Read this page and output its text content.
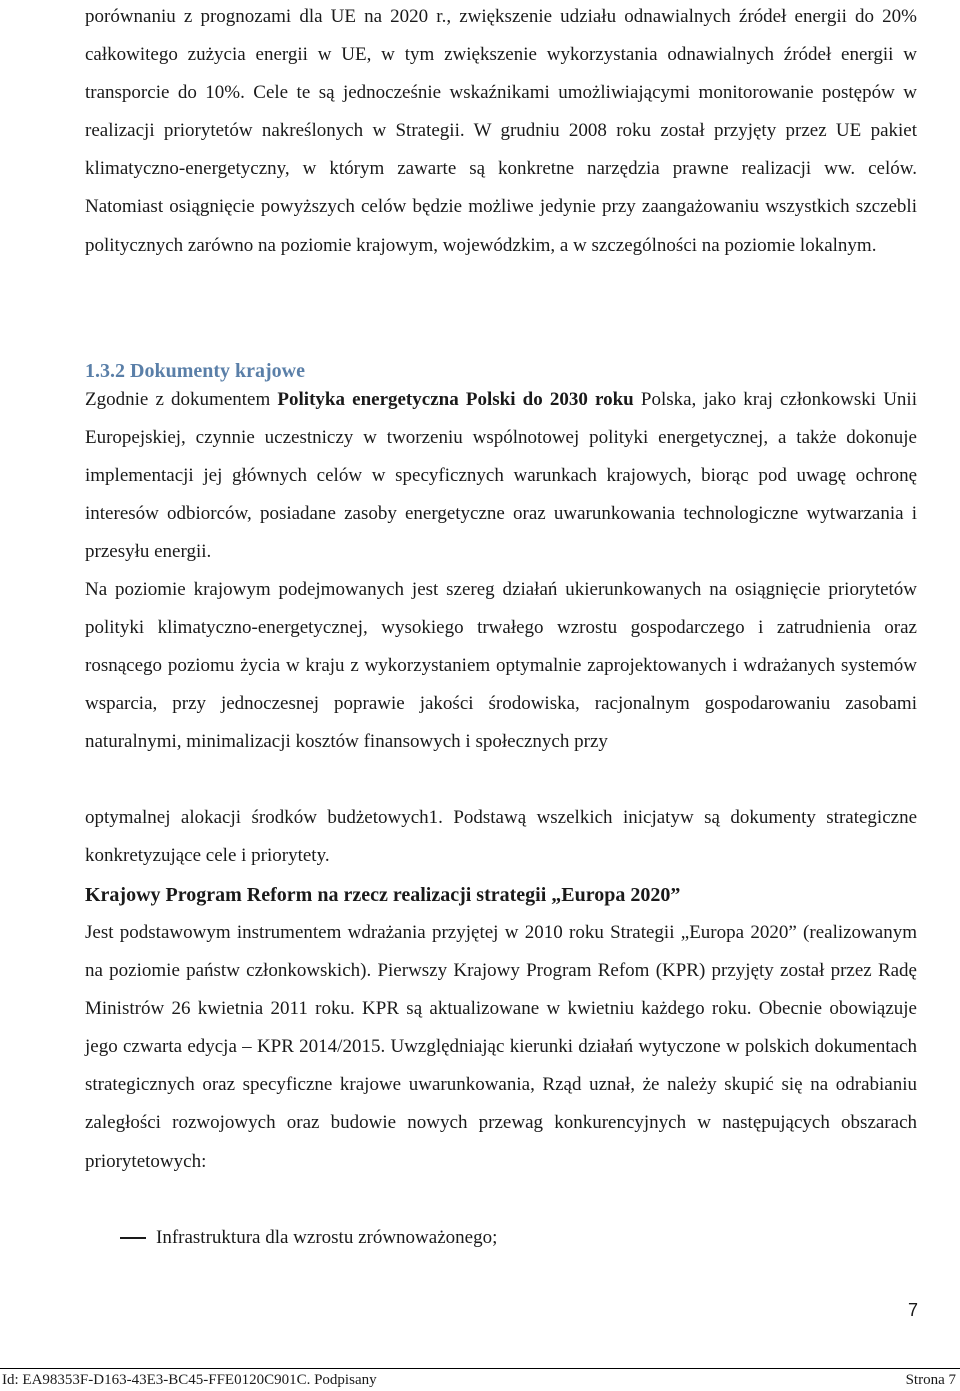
porównaniu z prognozami dla UE na 2020 r., zwiększenie udziału odnawialnych źródeł energii do 20% całkowitego zużycia energii w UE, w tym zwiększenie wykorzystania odnawialnych źródeł energii w transporcie do 10%. Cele te są jednocześnie wskaźnikami umożliwiającymi monitorowanie postępów w realizacji priorytetów nakreślonych w Strategii. W grudniu 2008 roku został przyjęty przez UE pakiet klimatyczno-energetyczny, w którym zawarte są konkretne narzędzia prawne realizacji ww. celów. Natomiast osiągnięcie powyższych celów będzie możliwe jedynie przy zaangażowaniu wszystkich szczebli politycznych zarówno na poziomie krajowym, wojewódzkim, a w szczególności na poziomie lokalnym.

1.3.2 Dokumenty krajowe

Zgodnie z dokumentem Polityka energetyczna Polski do 2030 roku Polska, jako kraj członkowski Unii Europejskiej, czynnie uczestniczy w tworzeniu wspólnotowej polityki energetycznej, a także dokonuje implementacji jej głównych celów w specyficznych warunkach krajowych, biorąc pod uwagę ochronę interesów odbiorców, posiadane zasoby energetyczne oraz uwarunkowania technologiczne wytwarzania i przesyłu energii.

Na poziomie krajowym podejmowanych jest szereg działań ukierunkowanych na osiągnięcie priorytetów polityki klimatyczno-energetycznej, wysokiego trwałego wzrostu gospodarczego i zatrudnienia oraz rosnącego poziomu życia w kraju z wykorzystaniem optymalnie zaprojektowanych i wdrażanych systemów wsparcia, przy jednoczesnej poprawie jakości środowiska, racjonalnym gospodarowaniu zasobami naturalnymi, minimalizacji kosztów finansowych i społecznych przy

optymalnej alokacji środków budżetowych1. Podstawą wszelkich inicjatyw są dokumenty strategiczne konkretyzujące cele i priorytety.

Krajowy Program Reform na rzecz realizacji strategii „Europa 2020”

Jest podstawowym instrumentem wdrażania przyjętej w 2010 roku Strategii „Europa 2020” (realizowanym na poziomie państw członkowskich). Pierwszy Krajowy Program Refom (KPR) przyjęty został przez Radę Ministrów 26 kwietnia 2011 roku. KPR są aktualizowane w kwietniu każdego roku. Obecnie obowiązuje jego czwarta edycja – KPR 2014/2015. Uwzględniając kierunki działań wytyczone w polskich dokumentach strategicznych oraz specyficzne krajowe uwarunkowania, Rząd uznał, że należy skupić się na odrabianiu zaległości rozwojowych oraz budowie nowych przewag konkurencyjnych w następujących obszarach priorytetowych:

Infrastruktura dla wzrostu zrównoważonego;
7
Id: EA98353F-D163-43E3-BC45-FFE0120C901C. Podpisany	Strona 7
